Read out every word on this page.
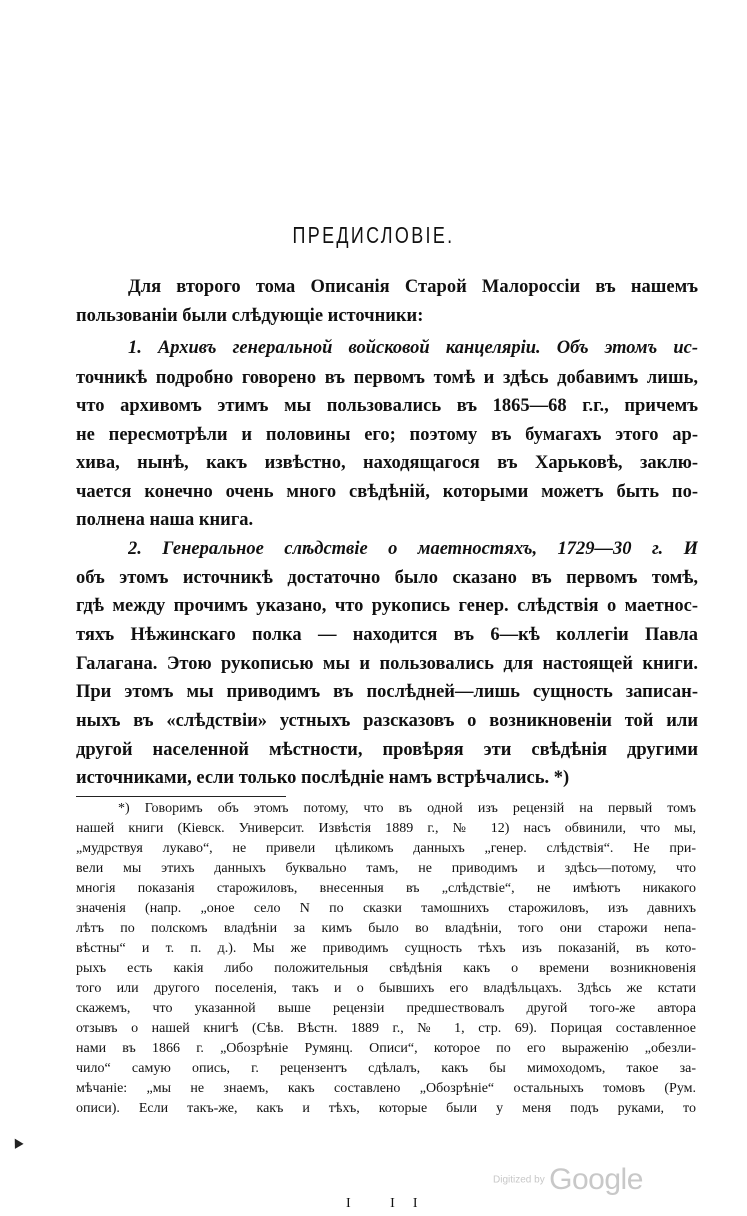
ПРЕДИСЛОВІЕ.
Для второго тома Описанія Старой Малороссіи въ нашемъ
пользованіи были слѣдующіе источники:
1. Архивъ генеральной войсковой канцеляріи. Объ этомъ ис-
точникѣ подробно говорено въ первомъ томѣ и здѣсь добавимъ лишь,
что архивомъ этимъ мы пользовались въ 1865—68 г.г., причемъ
не пересмотрѣли и половины его; поэтому въ бумагахъ этого ар-
хива, нынѣ, какъ извѣстно, находящагося въ Харьковѣ, заклю-
чается конечно очень много свѣдѣній, которыми можетъ быть по-
полнена наша книга.
2. Генеральное слѣдствіе о маетностяхъ, 1729—30 г. И
объ этомъ источникѣ достаточно было сказано въ первомъ томѣ,
гдѣ между прочимъ указано, что рукопись генер. слѣдствія о маетнос-
тяхъ Нѣжинскаго полка — находится въ 6—кѣ коллегіи Павла
Галагана. Этою рукописью мы и пользовались для настоящей книги.
При этомъ мы приводимъ въ послѣдней—лишь сущность записан-
ныхъ въ «слѣдствіи» устныхъ разсказовъ о возникновеніи той или
другой населенной мѣстности, провѣряя эти свѣдѣнія другими
источниками, если только послѣдніе намъ встрѣчались. *)
*) Говоримъ объ этомъ потому, что въ одной изъ рецензій на первый томъ
нашей книги (Кіевск. Университ. Извѣстія 1889 г., № 12) насъ обвинили, что мы,
„мудрствуя лукаво“, не привели цѣликомъ данныхъ „генер. слѣдствія“. Не при-
вели мы этихъ данныхъ буквально тамъ, не приводимъ и здѣсь—потому, что
многія показанія старожиловъ, внесенныя въ „слѣдствіе“, не имѣютъ никакого
значенія (напр. „оное село N по сказки тамошнихъ старожиловъ, изъ давнихъ
лѣтъ по полскомъ владѣніи за кимъ было во владѣніи, того они старожи непа-
вѣстны“ и т. п. д.). Мы же приводимъ сущность тѣхъ изъ показаній, въ кото-
рыхъ есть какія либо положительныя свѣдѣнія какъ о времени возникновенія
того или другого поселенія, такъ и о бывшихъ его владѣльцахъ. Здѣсь же кстати
скажемъ, что указанной выше рецензіи предшествовалъ другой того-же автора
отзывъ о нашей книгѣ (Сѣв. Вѣстн. 1889 г., № 1, стр. 69). Порицая составленное
нами въ 1866 г. „Обозрѣніе Румянц. Описи“, которое по его выраженію „обезли-
чило“ самую опись, г. рецензентъ сдѣлалъ, какъ бы мимоходомъ, такое за-
мѣчаніе: „мы не знаемъ, какъ составлено „Обозрѣніе“ остальныхъ томовъ (Рум.
описи). Если такъ-же, какъ и тѣхъ, которые были у меня подъ руками, то
Digitized by Google
I II
